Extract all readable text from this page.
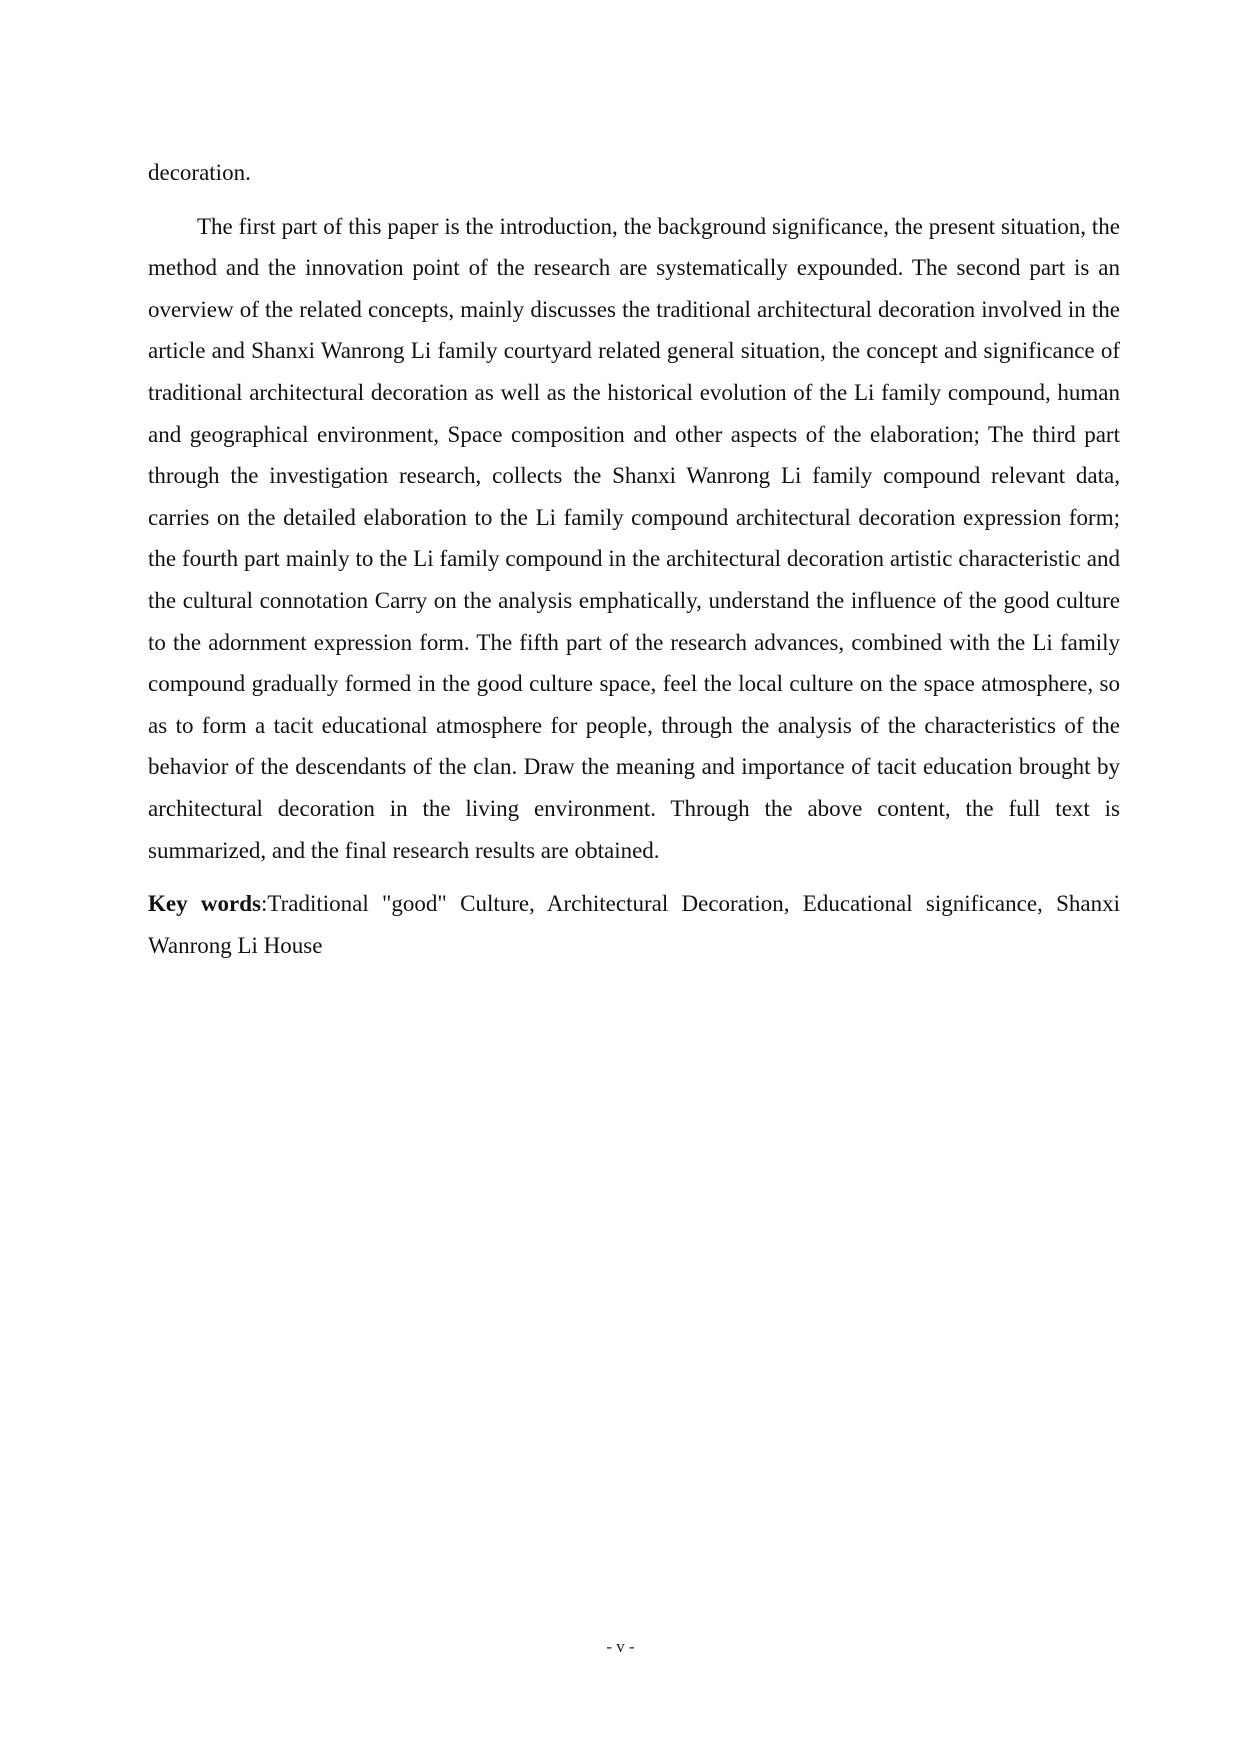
decoration.

The first part of this paper is the introduction, the background significance, the present situation, the method and the innovation point of the research are systematically expounded. The second part is an overview of the related concepts, mainly discusses the traditional architectural decoration involved in the article and Shanxi Wanrong Li family courtyard related general situation, the concept and significance of traditional architectural decoration as well as the historical evolution of the Li family compound, human and geographical environment, Space composition and other aspects of the elaboration; The third part through the investigation research, collects the Shanxi Wanrong Li family compound relevant data, carries on the detailed elaboration to the Li family compound architectural decoration expression form; the fourth part mainly to the Li family compound in the architectural decoration artistic characteristic and the cultural connotation Carry on the analysis emphatically, understand the influence of the good culture to the adornment expression form. The fifth part of the research advances, combined with the Li family compound gradually formed in the good culture space, feel the local culture on the space atmosphere, so as to form a tacit educational atmosphere for people, through the analysis of the characteristics of the behavior of the descendants of the clan. Draw the meaning and importance of tacit education brought by architectural decoration in the living environment. Through the above content, the full text is summarized, and the final research results are obtained.

Key words:Traditional "good" Culture, Architectural Decoration, Educational significance, Shanxi Wanrong Li House

- v -
